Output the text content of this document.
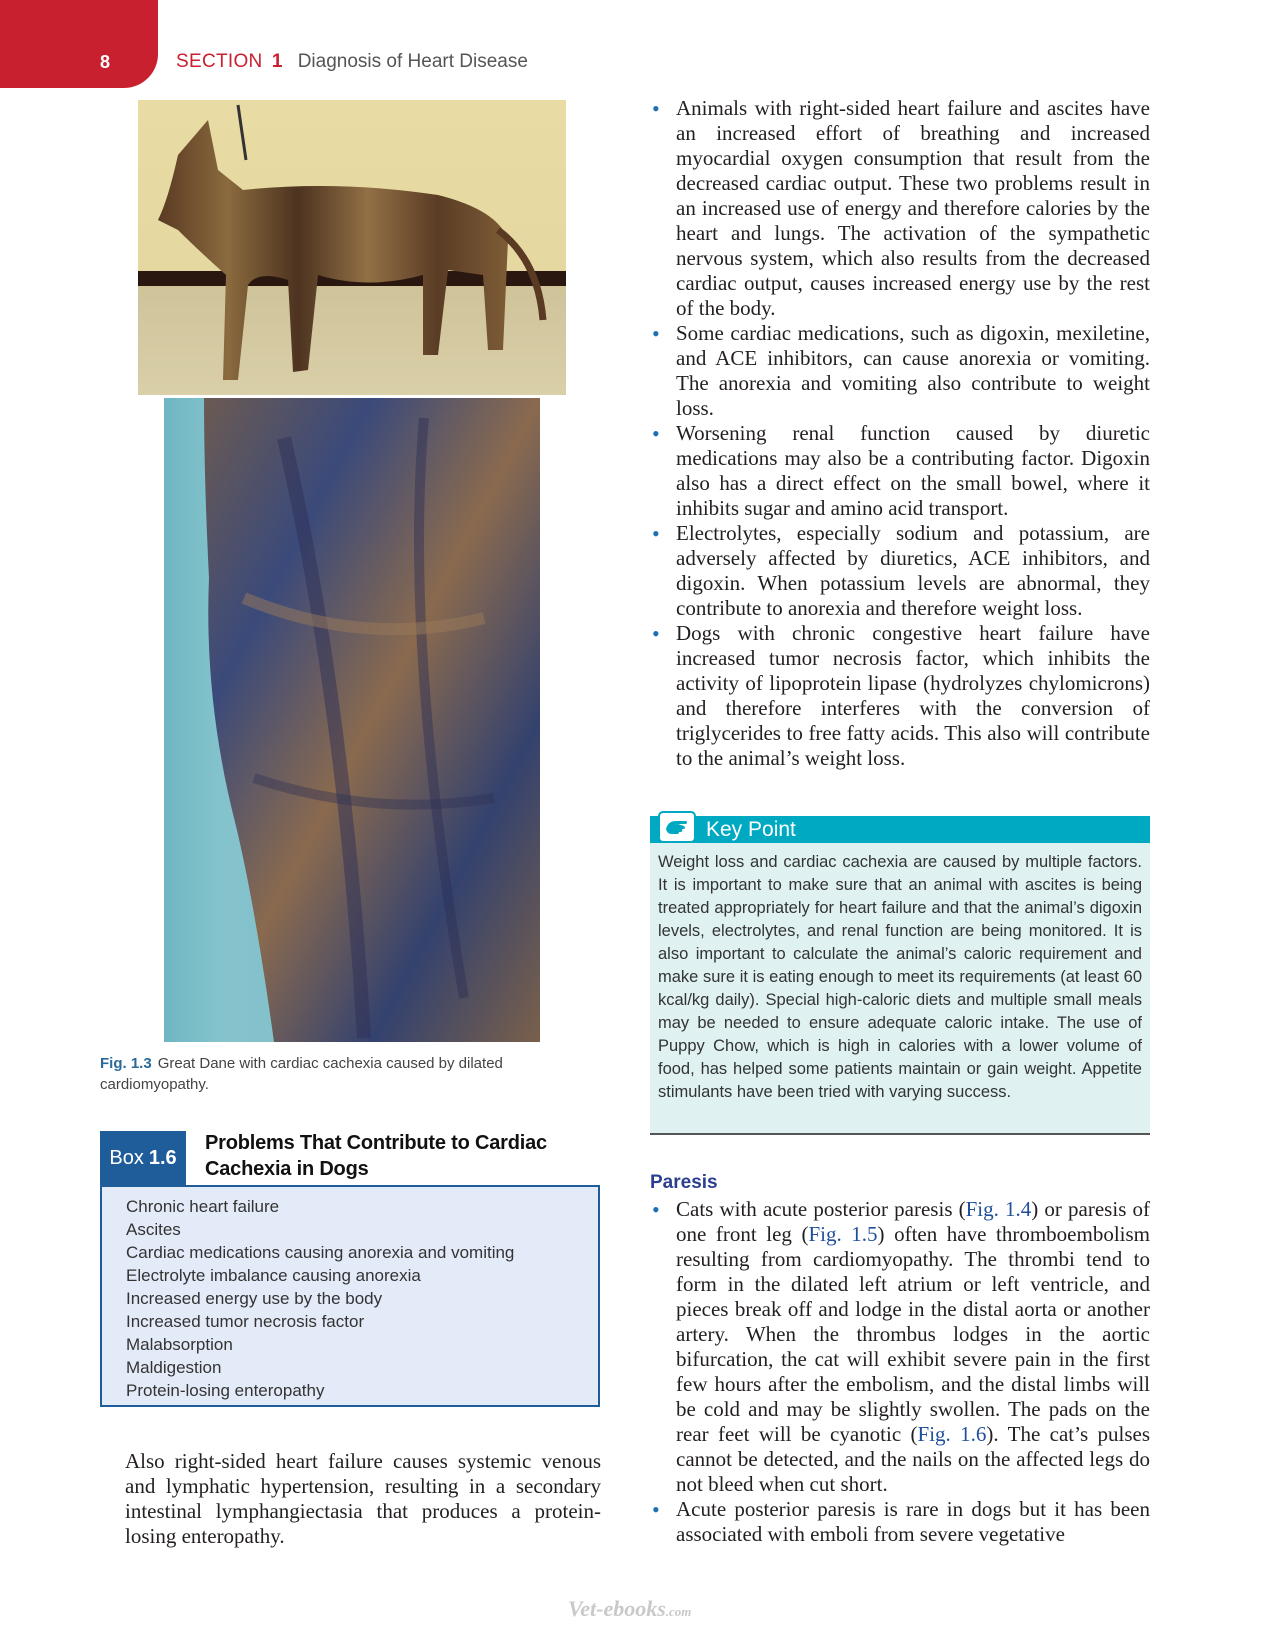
8	SECTION 1 Diagnosis of Heart Disease
Fig. 1.3 Great Dane with cardiac cachexia caused by dilated cardiomyopathy.
Box 1.6
Problems That Contribute to Cardiac Cachexia in Dogs
Chronic heart failure
Ascites
Cardiac medications causing anorexia and vomiting
Electrolyte imbalance causing anorexia
Increased energy use by the body
Increased tumor necrosis factor
Malabsorption
Maldigestion
Protein-losing enteropathy
Also right-sided heart failure causes systemic venous and lymphatic hypertension, resulting in a secondary intestinal lymphangiectasia that produces a protein-losing enteropathy.
• Animals with right-sided heart failure and ascites have an increased effort of breathing and increased myocardial oxygen consumption that result from the decreased cardiac output. These two problems result in an increased use of energy and therefore calories by the heart and lungs. The activation of the sympathetic nervous system, which also results from the decreased cardiac output, causes increased energy use by the rest of the body.
• Some cardiac medications, such as digoxin, mexiletine, and ACE inhibitors, can cause anorexia or vomiting. The anorexia and vomiting also contribute to weight loss.
• Worsening renal function caused by diuretic medications may also be a contributing factor. Digoxin also has a direct effect on the small bowel, where it inhibits sugar and amino acid transport.
• Electrolytes, especially sodium and potassium, are adversely affected by diuretics, ACE inhibitors, and digoxin. When potassium levels are abnormal, they contribute to anorexia and therefore weight loss.
• Dogs with chronic congestive heart failure have increased tumor necrosis factor, which inhibits the activity of lipoprotein lipase (hydrolyzes chylomicrons) and therefore interferes with the conversion of triglycerides to free fatty acids. This also will contribute to the animal’s weight loss.
Key Point
Weight loss and cardiac cachexia are caused by multiple factors. It is important to make sure that an animal with ascites is being treated appropriately for heart failure and that the animal’s digoxin levels, electrolytes, and renal function are being monitored. It is also important to calculate the animal’s caloric requirement and make sure it is eating enough to meet its requirements (at least 60 kcal/kg daily). Special high-caloric diets and multiple small meals may be needed to ensure adequate caloric intake. The use of Puppy Chow, which is high in calories with a lower volume of food, has helped some patients maintain or gain weight. Appetite stimulants have been tried with varying success.
Paresis
• Cats with acute posterior paresis (Fig. 1.4) or paresis of one front leg (Fig. 1.5) often have thromboembolism resulting from cardiomyopathy. The thrombi tend to form in the dilated left atrium or left ventricle, and pieces break off and lodge in the distal aorta or another artery. When the thrombus lodges in the aortic bifurcation, the cat will exhibit severe pain in the first few hours after the embolism, and the distal limbs will be cold and may be slightly swollen. The pads on the rear feet will be cyanotic (Fig. 1.6). The cat’s pulses cannot be detected, and the nails on the affected legs do not bleed when cut short.
• Acute posterior paresis is rare in dogs but it has been associated with emboli from severe vegetative
Vet-ebooks.com
